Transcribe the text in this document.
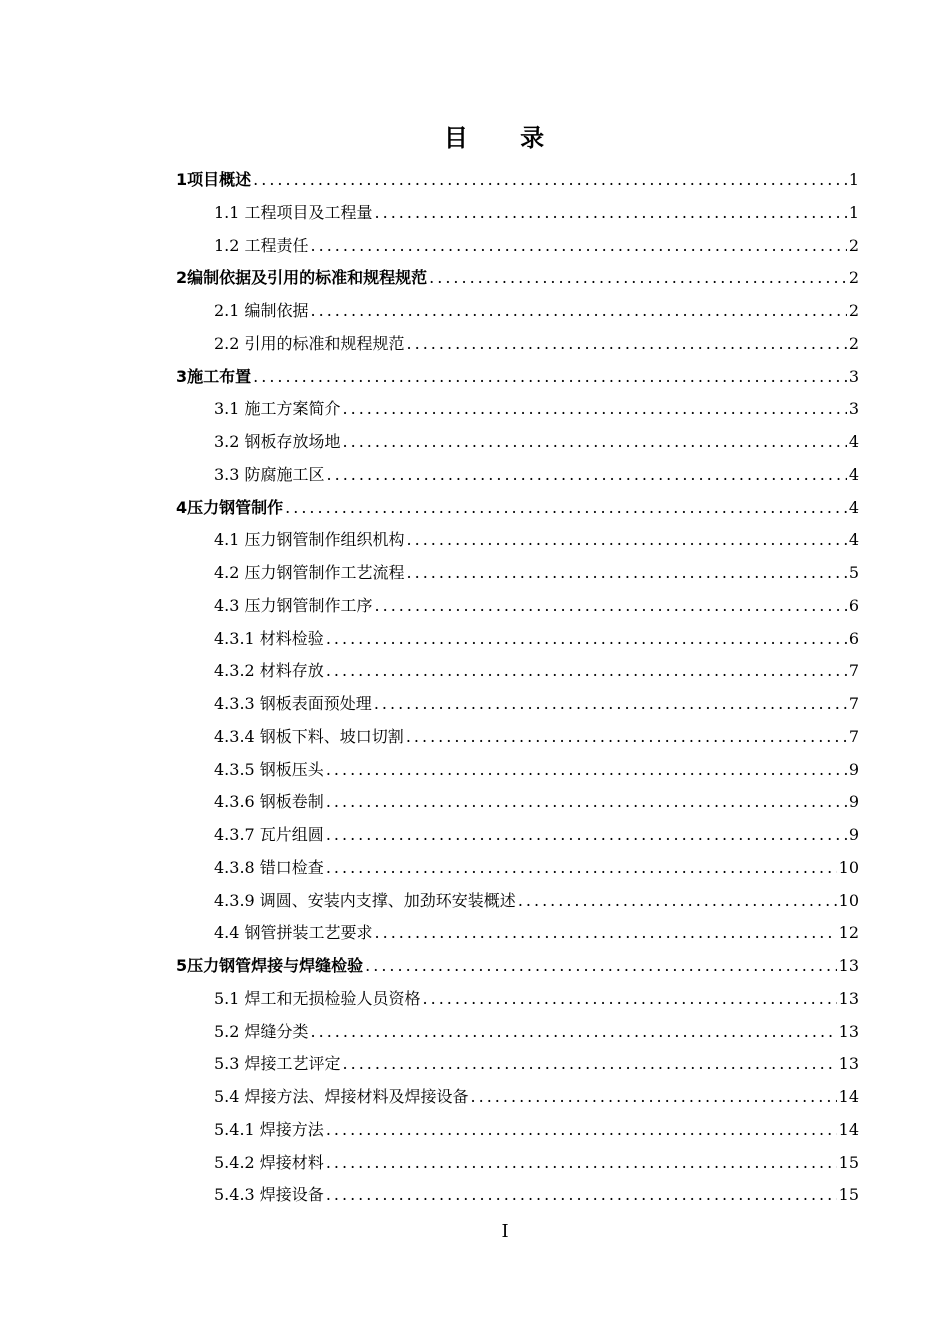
目 录
1项目概述 .....	1
1.1 工程项目及工程量 .....	1
1.2 工程责任 .....	2
2编制依据及引用的标准和规程规范 .....	2
2.1 编制依据 .....	2
2.2 引用的标准和规程规范 .....	2
3施工布置 .....	3
3.1 施工方案简介 .....	3
3.2 钢板存放场地 .....	4
3.3 防腐施工区 .....	4
4压力钢管制作 .....	4
4.1 压力钢管制作组织机构 .....	4
4.2 压力钢管制作工艺流程 .....	5
4.3 压力钢管制作工序 .....	6
4.3.1 材料检验 .....	6
4.3.2 材料存放 .....	7
4.3.3 钢板表面预处理 .....	7
4.3.4 钢板下料、坡口切割 .....	7
4.3.5 钢板压头 .....	9
4.3.6 钢板卷制 .....	9
4.3.7 瓦片组圆 .....	9
4.3.8 错口检查 .....	10
4.3.9 调圆、安装内支撑、加劲环安装概述 .....	10
4.4 钢管拼装工艺要求 .....	12
5压力钢管焊接与焊缝检验 .....	13
5.1 焊工和无损检验人员资格 .....	13
5.2 焊缝分类 .....	13
5.3 焊接工艺评定 .....	13
5.4 焊接方法、焊接材料及焊接设备 .....	14
5.4.1 焊接方法 .....	14
5.4.2 焊接材料 .....	15
5.4.3 焊接设备 .....	15
I
